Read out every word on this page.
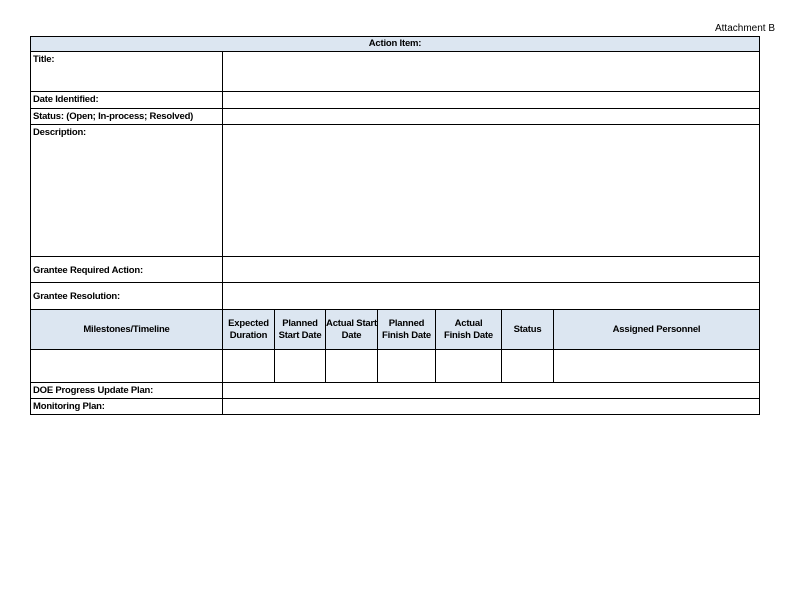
Attachment B
Action Item:
Title:
Date Identified:
Status: (Open; In-process; Resolved)
Description:
Grantee Required Action:
Grantee Resolution:
Milestones/Timeline
Expected Duration
Planned Start Date
Actual Start Date
Planned Finish Date
Actual Finish Date
Status	Assigned Personnel
DOE Progress Update Plan:
Monitoring Plan:
